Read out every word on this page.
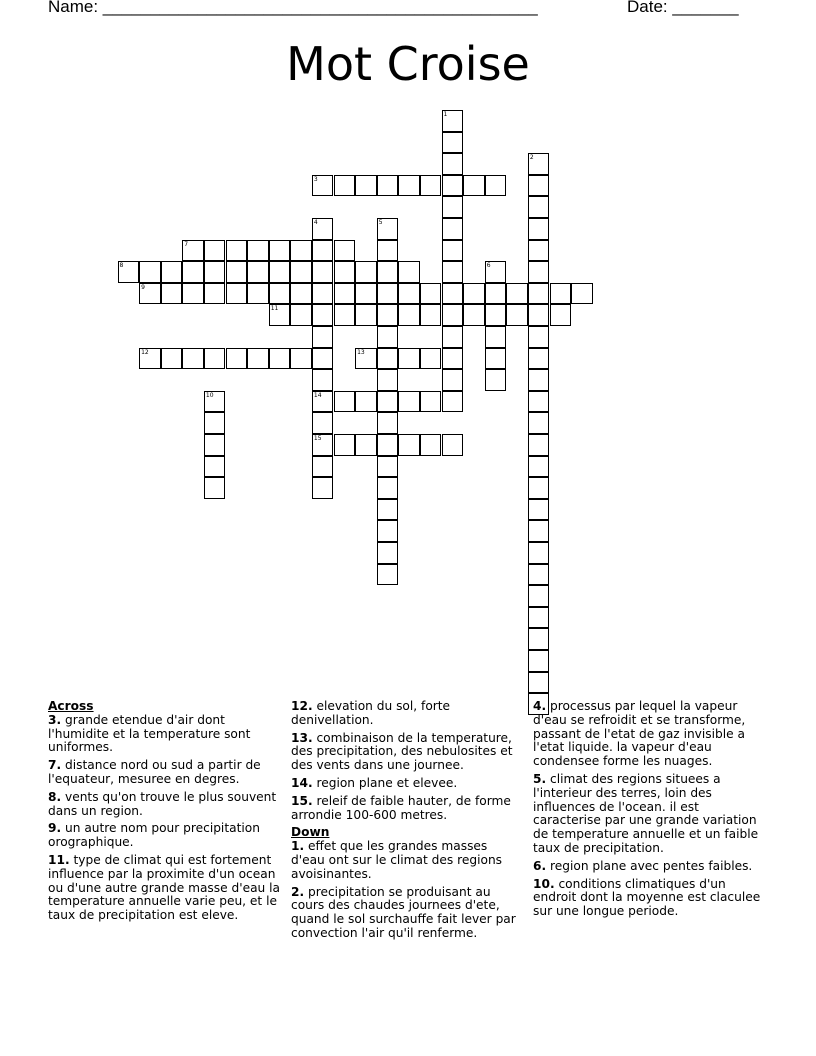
Name: ______________________________________________	Date: _______
Mot Croise
3
7
8
9
11
12	13
14
15
1
2
4	5
6
10
Across
3. grande etendue d'air dont l'humidite et la temperature sont uniformes.
7. distance nord ou sud a partir de l'equateur, mesuree en degres.
8. vents qu'on trouve le plus souvent dans un region.
9. un autre nom pour precipitation orographique.
11. type de climat qui est fortement influence par la proximite d'un ocean ou d'une autre grande masse d'eau la temperature annuelle varie peu, et le taux de precipitation est eleve.
12. elevation du sol, forte denivellation.
13. combinaison de la temperature, des precipitation, des nebulosites et des vents dans une journee.
14. region plane et elevee.
15. releif de faible hauter, de forme arrondie 100-600 metres.
Down
1. effet que les grandes masses d'eau ont sur le climat des regions avoisinantes.
2. precipitation se produisant au cours des chaudes journees d'ete, quand le sol surchauffe fait lever par convection l'air qu'il renferme.
4. processus par lequel la vapeur d'eau se refroidit et se transforme, passant de l'etat de gaz invisible a l'etat liquide. la vapeur d'eau condensee forme les nuages.
5. climat des regions situees a l'interieur des terres, loin des influences de l'ocean. il est caracterise par une grande variation de temperature annuelle et un faible taux de precipitation.
6. region plane avec pentes faibles.
10. conditions climatiques d'un endroit dont la moyenne est claculee sur une longue periode.
